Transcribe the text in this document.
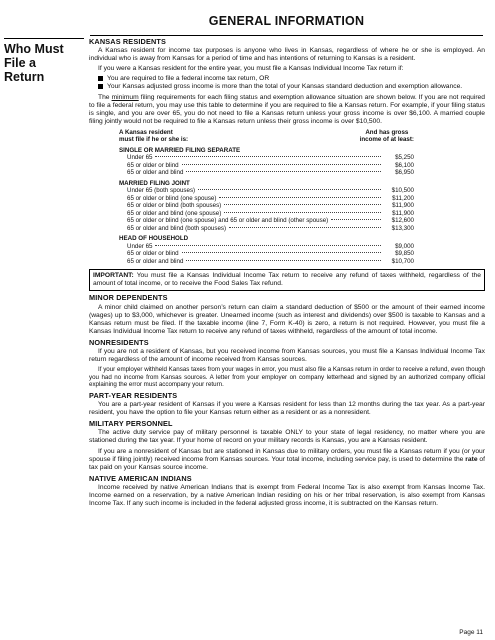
GENERAL INFORMATION
Who Must
File a
Return
KANSAS RESIDENTS

A Kansas resident for income tax purposes is anyone who lives in Kansas, regardless of where he or she is employed. An individual who is away from Kansas for a period of time and has intentions of returning to Kansas is a resident.

If you were a Kansas resident for the entire year, you must file a Kansas Individual Income Tax return if:

You are required to file a federal income tax return, OR
Your Kansas adjusted gross income is more than the total of your Kansas standard deduction and exemption allowance.

The minimum filing requirements for each filing status and exemption allowance situation are shown below. If you are not required to file a federal return, you may use this table to determine if you are required to file a Kansas return. For example, if your filing status is single, and you are over 65, you do not need to file a Kansas return unless your gross income is over $6,100. A married couple filing jointly would not be required to file a Kansas return unless their gross income is over $10,500.

A Kansas resident
must file if he or she is:
And has gross
income of at least:
SINGLE OR MARRIED FILING SEPARATE
Under 65	$5,250
65 or older or blind	$6,100
65 or older and blind	$6,950
MARRIED FILING JOINT
Under 65 (both spouses)	$10,500
65 or older or blind (one spouse)	$11,200
65 or older or blind (both spouses)	$11,900
65 or older and blind (one spouse)	$11,900
65 or older or blind (one spouse) and 65 or older and blind (other spouse)	$12,600
65 or older and blind (both spouses)	$13,300
HEAD OF HOUSEHOLD
Under 65	$9,000
65 or older or blind	$9,850
65 or older and blind	$10,700
IMPORTANT: You must file a Kansas Individual Income Tax return to receive any refund of taxes withheld, regardless of the amount of total income, or to receive the Food Sales Tax refund.
MINOR DEPENDENTS

A minor child claimed on another person’s return can claim a standard deduction of $500 or the amount of their earned income (wages) up to $3,000, whichever is greater. Unearned income (such as interest and dividends) over $500 is taxable to Kansas and a Kansas return must be filed. If the taxable income (line 7, Form K-40) is zero, a return is not required. However, you must file a Kansas Individual Income Tax return to receive any refund of taxes withheld, regardless of the amount of total income.

NONRESIDENTS

If you are not a resident of Kansas, but you received income from Kansas sources, you must file a Kansas Individual Income Tax return regardless of the amount of income received from Kansas sources.

If your employer withheld Kansas taxes from your wages in error, you must also file a Kansas return in order to receive a refund, even though you had no income from Kansas sources. A letter from your employer on company letterhead and signed by an authorized company official explaining the error must accompany your return.

PART-YEAR RESIDENTS

You are a part-year resident of Kansas if you were a Kansas resident for less than 12 months during the tax year. As a part-year resident, you have the option to file your Kansas return either as a resident or as a nonresident.

MILITARY PERSONNEL

The active duty service pay of military personnel is taxable ONLY to your state of legal residency, no matter where you are stationed during the tax year. If your home of record on your military records is Kansas, you are a Kansas resident.

If you are a nonresident of Kansas but are stationed in Kansas due to military orders, you must file a Kansas return if you (or your spouse if filing jointly) received income from Kansas sources. Your total income, including service pay, is used to determine the rate of tax paid on your Kansas source income.

NATIVE AMERICAN INDIANS

Income received by native American Indians that is exempt from Federal Income Tax is also exempt from Kansas Income Tax. Income earned on a reservation, by a native American Indian residing on his or her tribal reservation, is also exempt from Kansas Income Tax. If any such income is included in the federal adjusted gross income, it is subtracted on the Kansas return.

Page 11
